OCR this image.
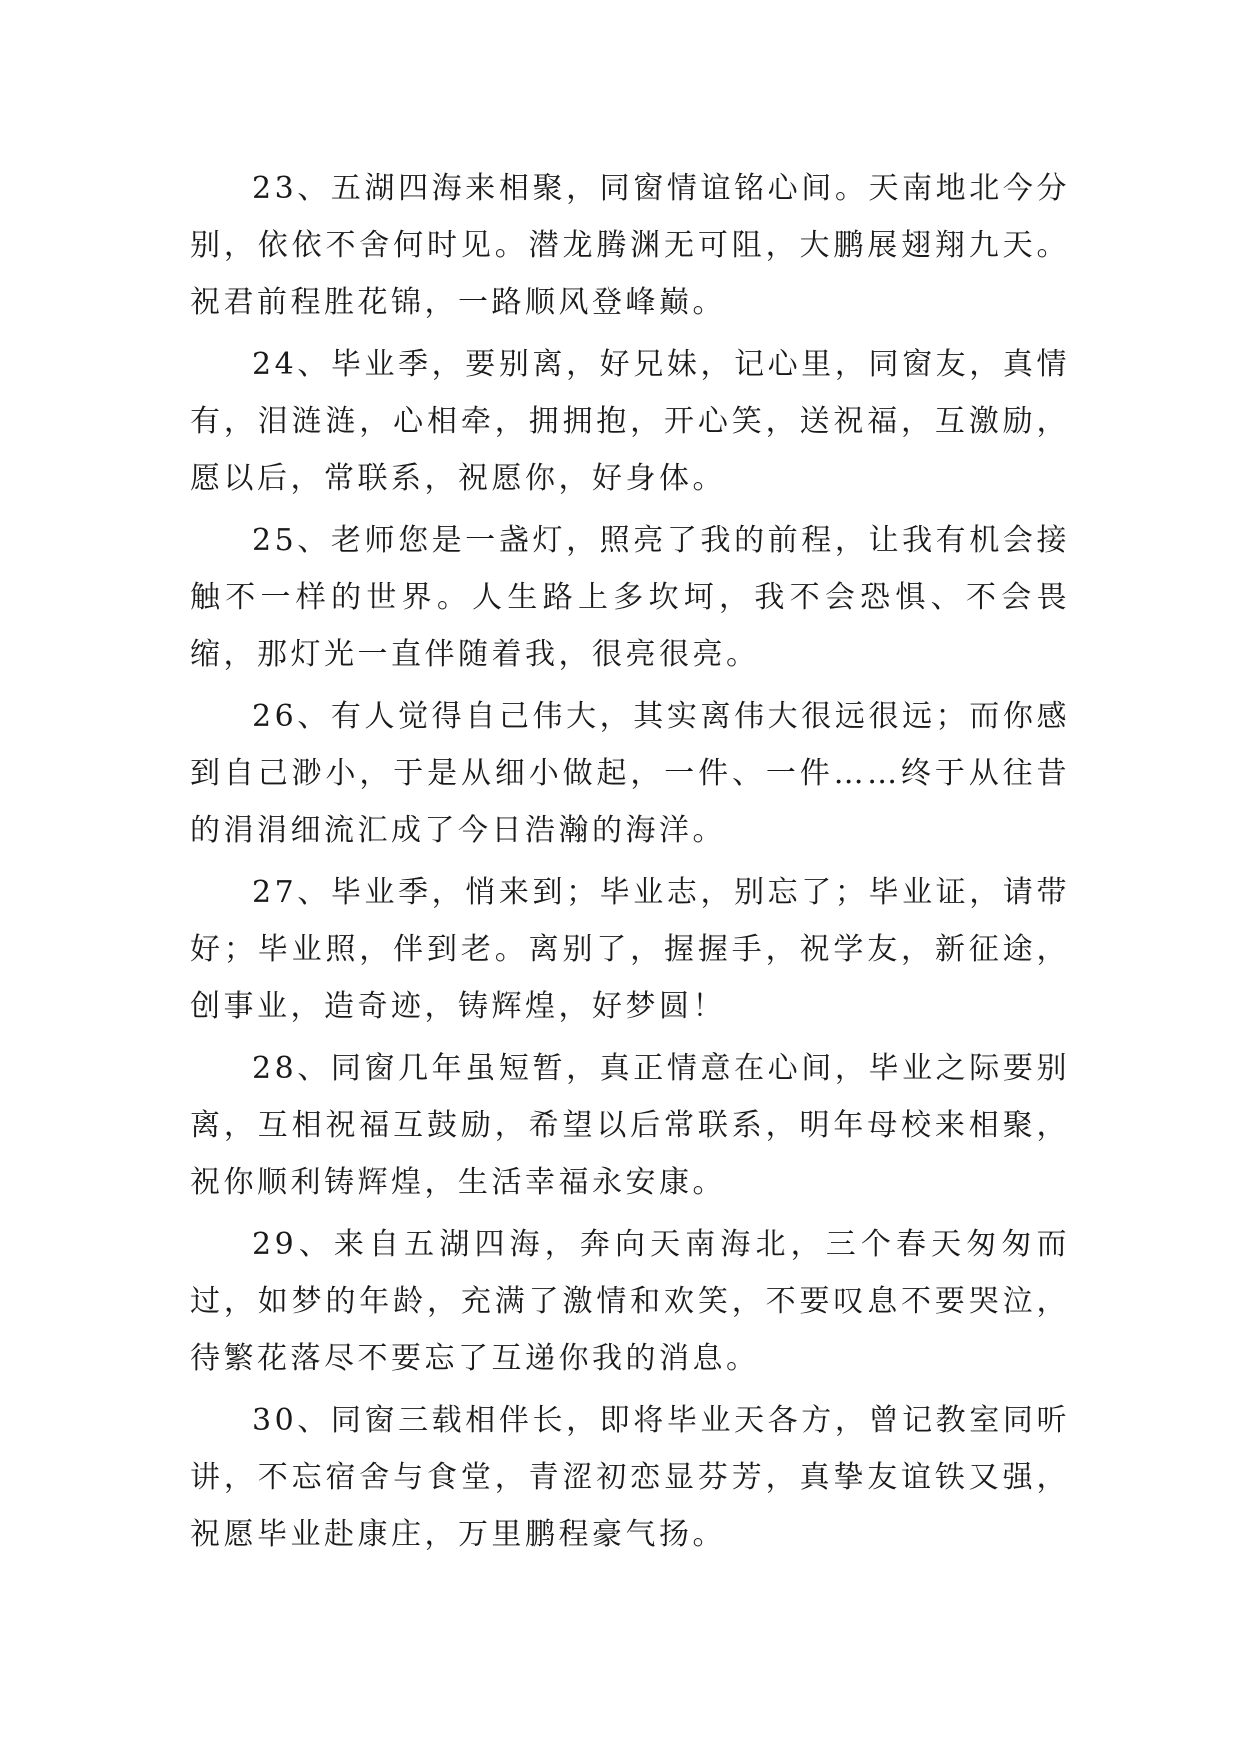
23、五湖四海来相聚，同窗情谊铭心间。天南地北今分别，依依不舍何时见。潜龙腾渊无可阻，大鹏展翅翔九天。祝君前程胜花锦，一路顺风登峰巅。

24、毕业季，要别离，好兄妹，记心里，同窗友，真情有，泪涟涟，心相牵，拥拥抱，开心笑，送祝福，互激励，愿以后，常联系，祝愿你，好身体。

25、老师您是一盏灯，照亮了我的前程，让我有机会接触不一样的世界。人生路上多坎坷，我不会恐惧、不会畏缩，那灯光一直伴随着我，很亮很亮。

26、有人觉得自己伟大，其实离伟大很远很远；而你感到自己渺小，于是从细小做起，一件、一件……终于从往昔的涓涓细流汇成了今日浩瀚的海洋。

27、毕业季，悄来到；毕业志，别忘了；毕业证，请带好；毕业照，伴到老。离别了，握握手，祝学友，新征途，创事业，造奇迹，铸辉煌，好梦圆！

28、同窗几年虽短暂，真正情意在心间，毕业之际要别离，互相祝福互鼓励，希望以后常联系，明年母校来相聚，祝你顺利铸辉煌，生活幸福永安康。

29、来自五湖四海，奔向天南海北，三个春天匆匆而过，如梦的年龄，充满了激情和欢笑，不要叹息不要哭泣，待繁花落尽不要忘了互递你我的消息。

30、同窗三载相伴长，即将毕业天各方，曾记教室同听讲，不忘宿舍与食堂，青涩初恋显芬芳，真挚友谊铁又强，祝愿毕业赴康庄，万里鹏程豪气扬。
